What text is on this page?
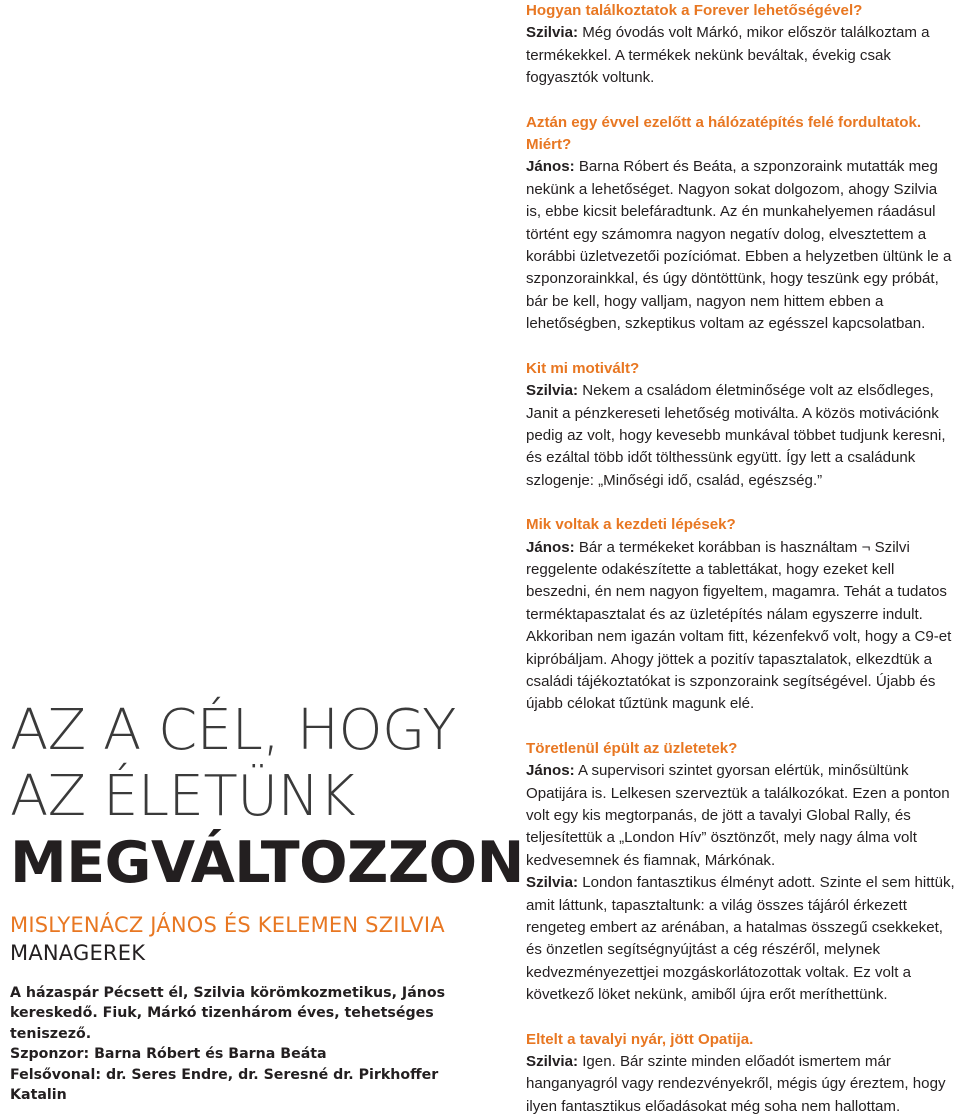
Hogyan találkoztatok a Forever lehetőségével?

Szilvia: Még óvodás volt Márkó, mikor először találkoztam a termékekkel. A termékek nekünk beváltak, évekig csak fogyasztók voltunk.

Aztán egy évvel ezelőtt a hálózatépítés felé fordultatok. Miért?

János: Barna Róbert és Beáta, a szponzoraink mutatták meg nekünk a lehetőséget. Nagyon sokat dolgozom, ahogy Szilvia is, ebbe kicsit belefáradtunk. Az én munkahelyemen ráadásul történt egy számomra nagyon negatív dolog, elvesztettem a korábbi üzletvezetői pozíciómat. Ebben a helyzetben ültünk le a szponzorainkkal, és úgy döntöttünk, hogy teszünk egy próbát, bár be kell, hogy valljam, nagyon nem hittem ebben a lehetőségben, szkeptikus voltam az egésszel kapcsolatban.

Kit mi motivált?

Szilvia: Nekem a családom életminősége volt az elsődleges, Janit a pénzkereseti lehetőség motiválta. A közös motivációnk pedig az volt, hogy kevesebb munkával többet tudjunk keresni, és ezáltal több időt tölthessünk együtt. Így lett a családunk szlogenje: „Minőségi idő, család, egészség.”

Mik voltak a kezdeti lépések?

János: Bár a termékeket korábban is használtam ¬ Szilvi reggelente odakészítette a tablettákat, hogy ezeket kell beszedni, én nem nagyon figyeltem, magamra. Tehát a tudatos terméktapasztalat és az üzletépítés nálam egyszerre indult. Akkoriban nem igazán voltam fitt, kézenfekvő volt, hogy a C9-et kipróbáljam. Ahogy jöttek a pozitív tapasztalatok, elkezdtük a családi tájékoztatókat is szponzoraink segítségével. Újabb és újabb célokat tűztünk magunk elé.

Töretlenül épült az üzletetek?

János: A supervisori szintet gyorsan elértük, minősültünk Opatijára is. Lelkesen szerveztük a találkozókat. Ezen a ponton volt egy kis megtorpanás, de jött a tavalyi Global Rally, és teljesítettük a „London Hív” ösztönzőt, mely nagy álma volt kedvesemnek és fiamnak, Márkónak.

Szilvia: London fantasztikus élményt adott. Szinte el sem hittük, amit láttunk, tapasztaltunk: a világ összes tájáról érkezett rengeteg embert az arénában, a hatalmas összegű csekkeket, és önzetlen segítségnyújtást a cég részéről, melynek kedvezményezettjei mozgáskorlátozottak voltak. Ez volt a következő löket nekünk, amiből újra erőt meríthettünk.

Eltelt a tavalyi nyár, jött Opatija.

Szilvia: Igen. Bár szinte minden előadót ismertem már hanganyagról vagy rendezvényekről, mégis úgy éreztem, hogy ilyen fantasztikus előadásokat még soha nem hallottam.

AZ A CÉL, HOGY
AZ ÉLETÜNK
MEGVÁLTOZZON
MISLYENÁCZ JÁNOS ÉS KELEMEN SZILVIA
MANAGEREK
A házaspár Pécsett él, Szilvia körömkozmetikus, János kereskedő. Fiuk, Márkó tizenhárom éves, tehetséges teniszező.
Szponzor: Barna Róbert és Barna Beáta
Felsővonal: dr. Seres Endre, dr. Seresné dr. Pirkhoffer Katalin
